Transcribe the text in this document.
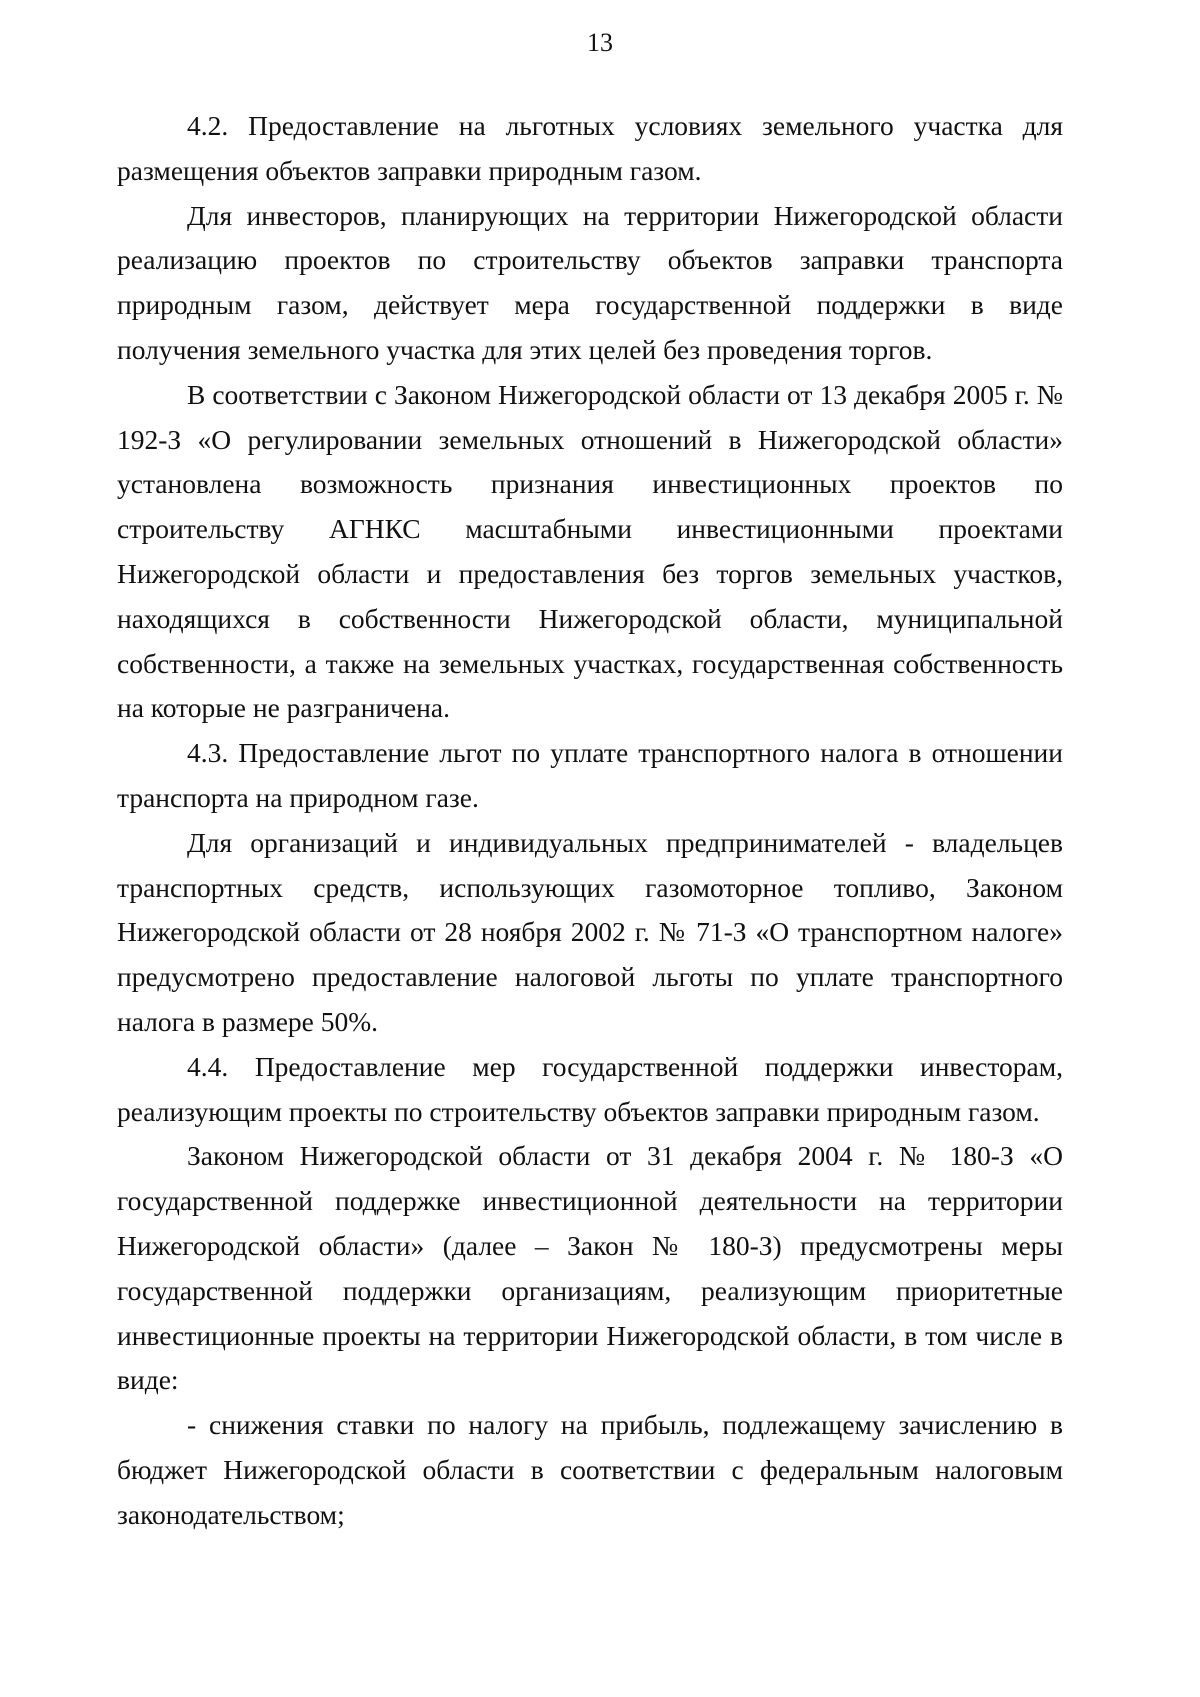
13

4.2. Предоставление на льготных условиях земельного участка для размещения объектов заправки природным газом.

Для инвесторов, планирующих на территории Нижегородской области реализацию проектов по строительству объектов заправки транспорта природным газом, действует мера государственной поддержки в виде получения земельного участка для этих целей без проведения торгов.

В соответствии с Законом Нижегородской области от 13 декабря 2005 г. № 192-З «О регулировании земельных отношений в Нижегородской области» установлена возможность признания инвестиционных проектов по строительству АГНКС масштабными инвестиционными проектами Нижегородской области и предоставления без торгов земельных участков, находящихся в собственности Нижегородской области, муниципальной собственности, а также на земельных участках, государственная собственность на которые не разграничена.

4.3. Предоставление льгот по уплате транспортного налога в отношении транспорта на природном газе.

Для организаций и индивидуальных предпринимателей - владельцев транспортных средств, использующих газомоторное топливо, Законом Нижегородской области от 28 ноября 2002 г. № 71-З «О транспортном налоге» предусмотрено предоставление налоговой льготы по уплате транспортного налога в размере 50%.

4.4. Предоставление мер государственной поддержки инвесторам, реализующим проекты по строительству объектов заправки природным газом.

Законом Нижегородской области от 31 декабря 2004 г. № 180-З «О государственной поддержке инвестиционной деятельности на территории Нижегородской области» (далее – Закон № 180-З) предусмотрены меры государственной поддержки организациям, реализующим приоритетные инвестиционные проекты на территории Нижегородской области, в том числе в виде:

- снижения ставки по налогу на прибыль, подлежащему зачислению в бюджет Нижегородской области в соответствии с федеральным налоговым законодательством;
